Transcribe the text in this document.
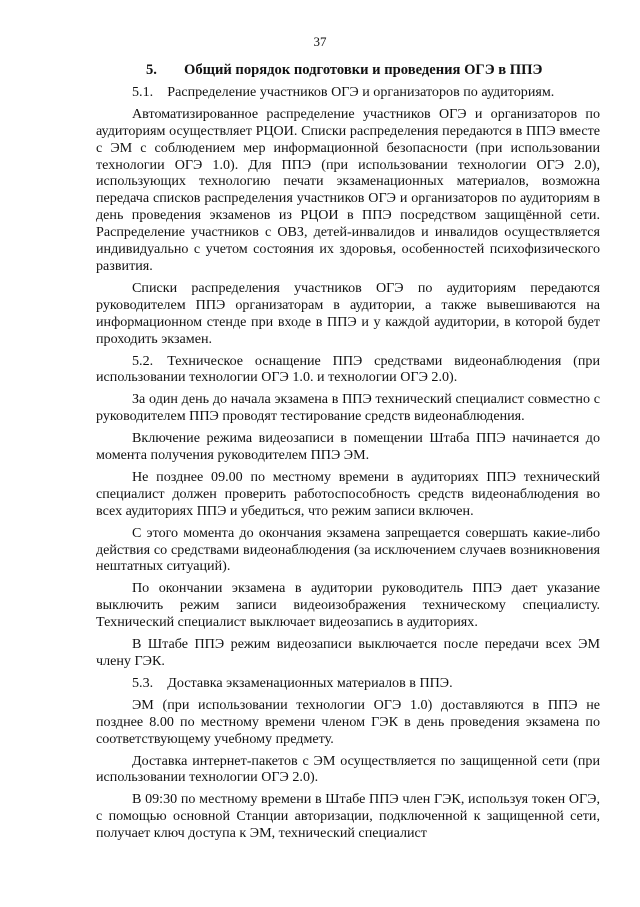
37
5.	Общий порядок подготовки и проведения ОГЭ в ППЭ

5.1. Распределение участников ОГЭ и организаторов по аудиториям.

Автоматизированное распределение участников ОГЭ и организаторов по аудиториям осуществляет РЦОИ. Списки распределения передаются в ППЭ вместе с ЭМ с соблюдением мер информационной безопасности (при использовании технологии ОГЭ 1.0). Для ППЭ (при использовании технологии ОГЭ 2.0), использующих технологию печати экзаменационных материалов, возможна передача списков распределения участников ОГЭ и организаторов по аудиториям в день проведения экзаменов из РЦОИ в ППЭ посредством защищённой сети. Распределение участников с ОВЗ, детей-инвалидов и инвалидов осуществляется индивидуально с учетом состояния их здоровья, особенностей психофизического развития.

Списки распределения участников ОГЭ по аудиториям передаются руководителем ППЭ организаторам в аудитории, а также вывешиваются на информационном стенде при входе в ППЭ и у каждой аудитории, в которой будет проходить экзамен.

5.2. Техническое оснащение ППЭ средствами видеонаблюдения (при использовании технологии ОГЭ 1.0. и технологии ОГЭ 2.0).

За один день до начала экзамена в ППЭ технический специалист совместно с руководителем ППЭ проводят тестирование средств видеонаблюдения.

Включение режима видеозаписи в помещении Штаба ППЭ начинается до момента получения руководителем ППЭ ЭМ.

Не позднее 09.00 по местному времени в аудиториях ППЭ технический специалист должен проверить работоспособность средств видеонаблюдения во всех аудиториях ППЭ и убедиться, что режим записи включен.

С этого момента до окончания экзамена запрещается совершать какие-либо действия со средствами видеонаблюдения (за исключением случаев возникновения нештатных ситуаций).

По окончании экзамена в аудитории руководитель ППЭ дает указание выключить режим записи видеоизображения техническому специалисту. Технический специалист выключает видеозапись в аудиториях.

В Штабе ППЭ режим видеозаписи выключается после передачи всех ЭМ члену ГЭК.

5.3. Доставка экзаменационных материалов в ППЭ.

ЭМ (при использовании технологии ОГЭ 1.0) доставляются в ППЭ не позднее 8.00 по местному времени членом ГЭК в день проведения экзамена по соответствующему учебному предмету.

Доставка интернет-пакетов с ЭМ осуществляется по защищенной сети (при использовании технологии ОГЭ 2.0).

В 09:30 по местному времени в Штабе ППЭ член ГЭК, используя токен ОГЭ, с помощью основной Станции авторизации, подключенной к защищенной сети, получает ключ доступа к ЭМ, технический специалист
